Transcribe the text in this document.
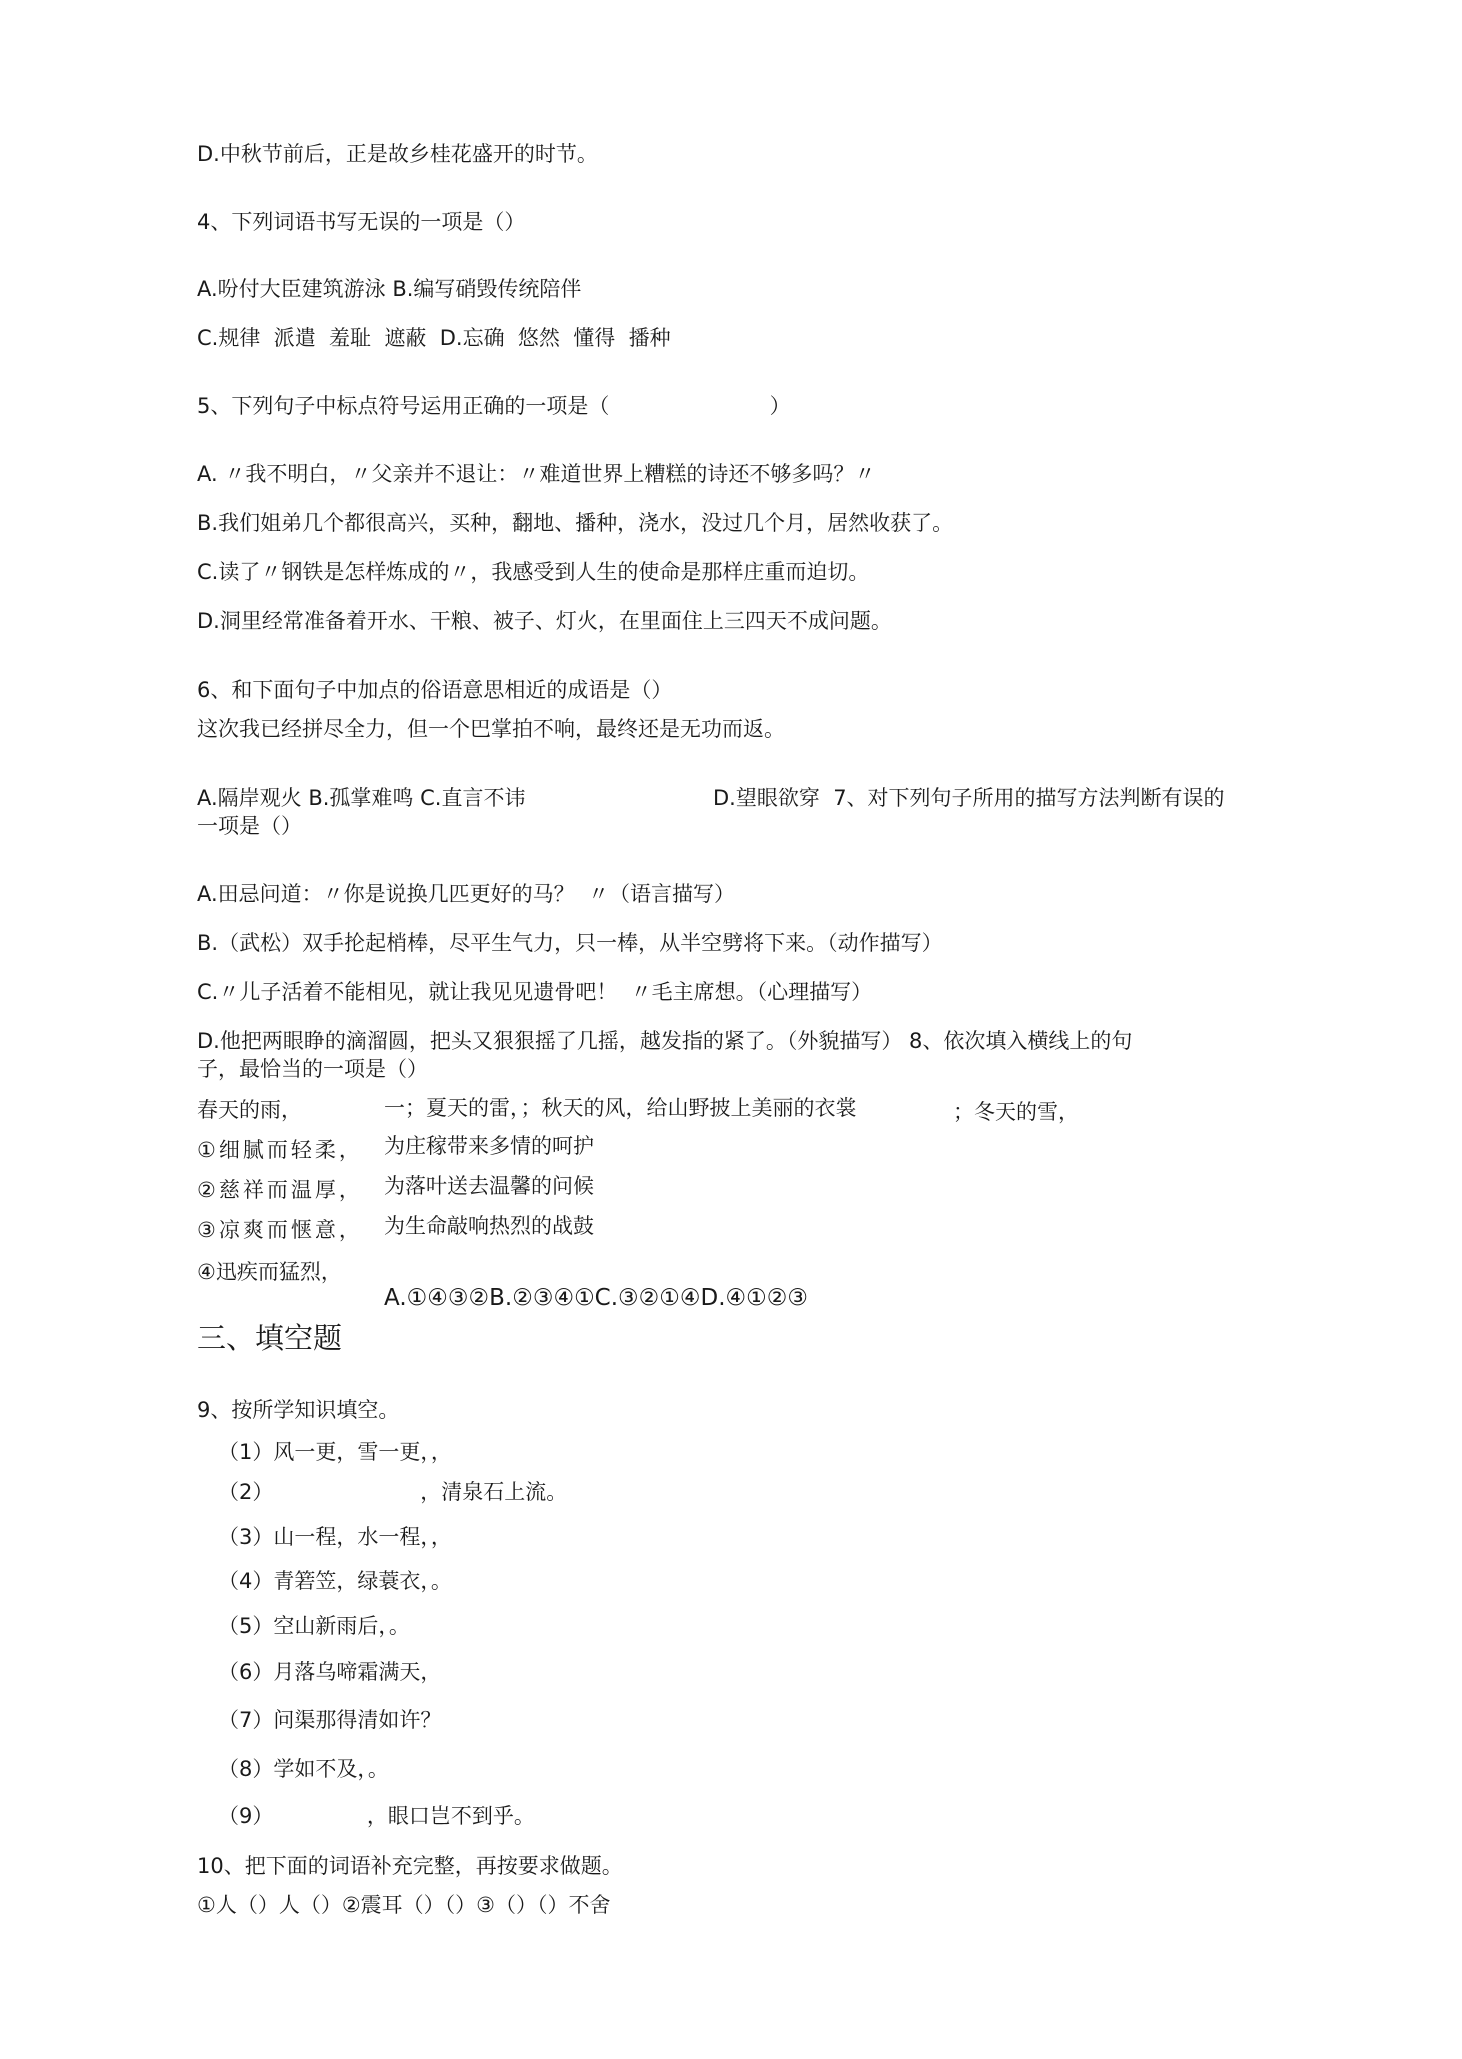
D.中秋节前后，正是故乡桂花盛开的时节。
4、下列词语书写无误的一项是（）
A.吩付大臣建筑游泳 B.编写硝毁传统陪伴
C.规律  派遣  羞耻  遮蔽  D.忘确  悠然  懂得  播种
5、下列句子中标点符号运用正确的一项是（                        ）
A. 〃我不明白，〃父亲并不退让：〃难道世界上糟糕的诗还不够多吗？〃
B.我们姐弟几个都很高兴，买种，翻地、播种，浇水，没过几个月，居然收获了。
C.读了〃钢铁是怎样炼成的〃，我感受到人生的使命是那样庄重而迫切。
D.洞里经常准备着开水、干粮、被子、灯火，在里面住上三四天不成问题。
6、和下面句子中加点的俗语意思相近的成语是（）
这次我已经拼尽全力，但一个巴掌拍不响，最终还是无功而返。
A.隔岸观火 B.孤掌难鸣 C.直言不讳	D.望眼欲穿  7、对下列句子所用的描写方法判断有误的
一项是（）
A.田忌问道：〃你是说换几匹更好的马？  〃（语言描写）
B.（武松）双手抡起梢棒，尽平生气力，只一棒，从半空劈将下来。（动作描写）
C.〃儿子活着不能相见，就让我见见遗骨吧！  〃毛主席想。（心理描写）
D.他把两眼睁的滴溜圆，把头又狠狠摇了几摇，越发指的紧了。（外貌描写） 8、依次填入横线上的句
子，最恰当的一项是（）
春天的雨，	一；夏天的雷，；秋天的风，给山野披上美丽的衣裳	；冬天的雪，
①细腻而轻柔，
②慈祥而温厚，
③凉爽而惬意，
④迅疾而猛烈，
为庄稼带来多情的呵护
为落叶送去温馨的问候
为生命敲响热烈的战鼓
A.①④③②B.②③④①C.③②①④D.④①②③
三、填空题
9、按所学知识填空。
（1）风一更，雪一更，，
（2）                      ，清泉石上流。
（3）山一程，水一程，，
（4）青箬笠，绿蓑衣，。
（5）空山新雨后，。
（6）月落乌啼霜满天，
（7）问渠那得清如许？
（8）学如不及，。
（9）              ，眼口岂不到乎。
10、把下面的词语补充完整，再按要求做题。
①人（）人（）②震耳（）（）③（）（）不舍
